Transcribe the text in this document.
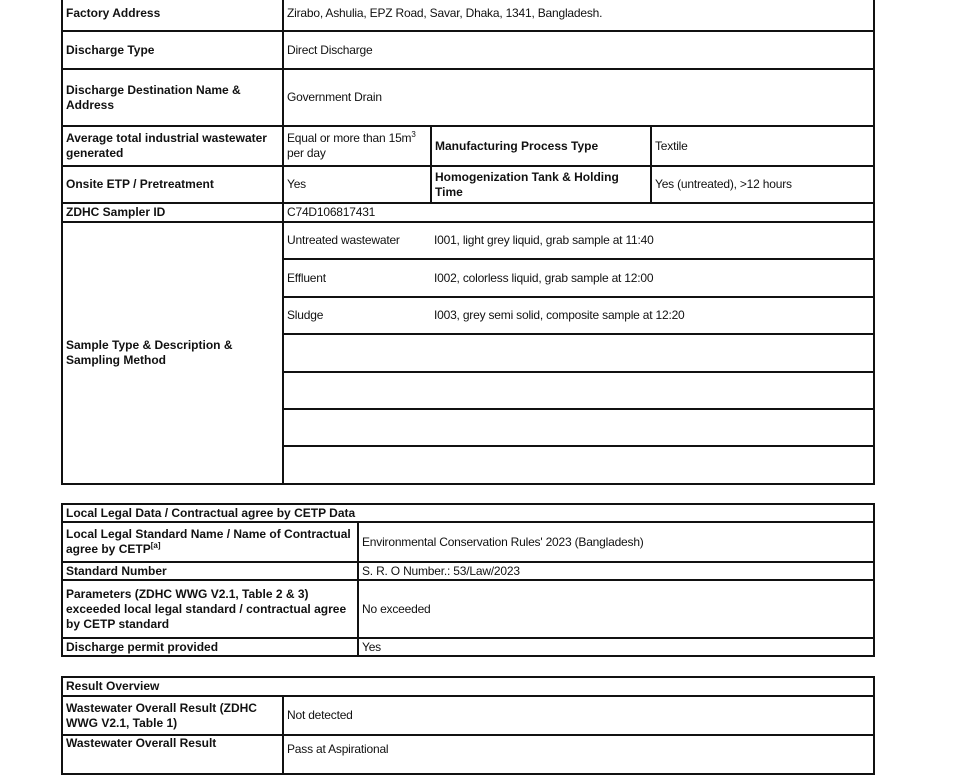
Factory Address	Zirabo, Ashulia, EPZ Road, Savar, Dhaka, 1341, Bangladesh.		
Discharge Type	Direct Discharge		
Discharge Destination Name & Address	Government Drain		
Average total industrial wastewater generated	Equal or more than $15m^3$ per day	Manufacturing Process Type	Textile
Onsite ETP / Pretreatment	Yes	Homogenization Tank & Holding Time	Yes (untreated), >12 hours
ZDHC Sampler ID	C74D106817431		
Sample Type & Description & Sampling Method	Untreated wastewater	I001, light grey liquid, grab sample at 11:40	
	Effluent	I002, colorless liquid, grab sample at 12:00	
	Sludge	I003, grey semi solid, composite sample at 12:20	

Local Legal Data / Contractual agree by CETP Data	
Local Legal Standard Name / Name of Contractual agree by CETP[a]	Environmental Conservation Rules' 2023 (Bangladesh)
Standard Number	S. R. O Number.: 53/Law/2023
Parameters (ZDHC WWG V2.1, Table 2 & 3) exceeded local legal standard / contractual agree by CETP standard	No exceeded
Discharge permit provided	Yes
Result Overview	
Wastewater Overall Result (ZDHC WWG V2.1, Table 1)	Not detected
Wastewater Overall Result	Pass at Aspirational
